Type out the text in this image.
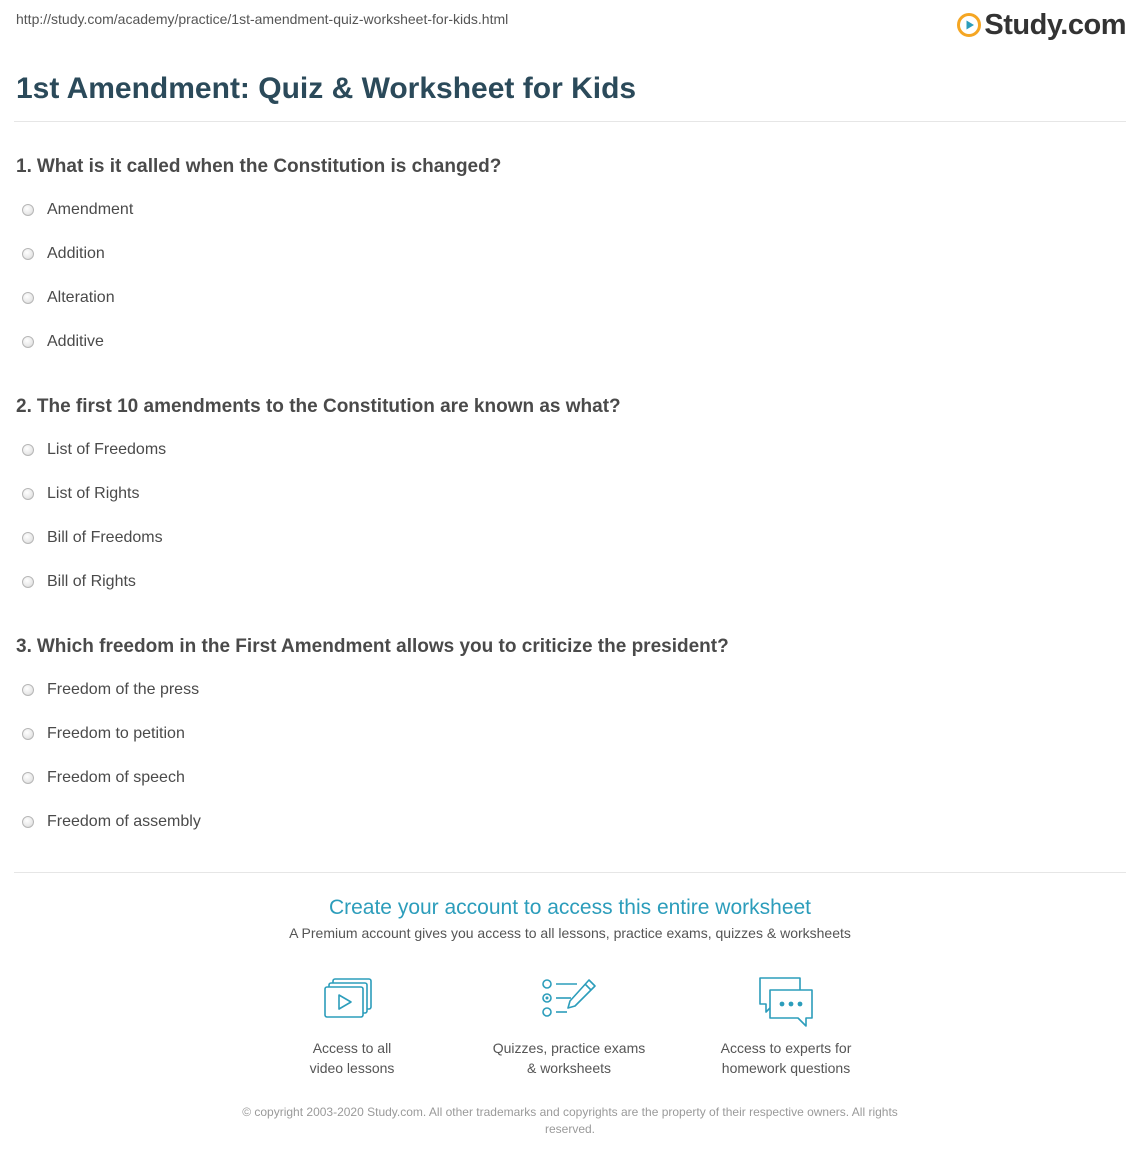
http://study.com/academy/practice/1st-amendment-quiz-worksheet-for-kids.html	Study.com
1st Amendment: Quiz & Worksheet for Kids
1. What is it called when the Constitution is changed?
Amendment
Addition
Alteration
Additive
2. The first 10 amendments to the Constitution are known as what?
List of Freedoms
List of Rights
Bill of Freedoms
Bill of Rights
3. Which freedom in the First Amendment allows you to criticize the president?
Freedom of the press
Freedom to petition
Freedom of speech
Freedom of assembly
Create your account to access this entire worksheet
A Premium account gives you access to all lessons, practice exams, quizzes & worksheets
Access to all
video lessons
Quizzes, practice exams
& worksheets
Access to experts for
homework questions
© copyright 2003-2020 Study.com. All other trademarks and copyrights are the property of their respective owners. All rights
reserved.
